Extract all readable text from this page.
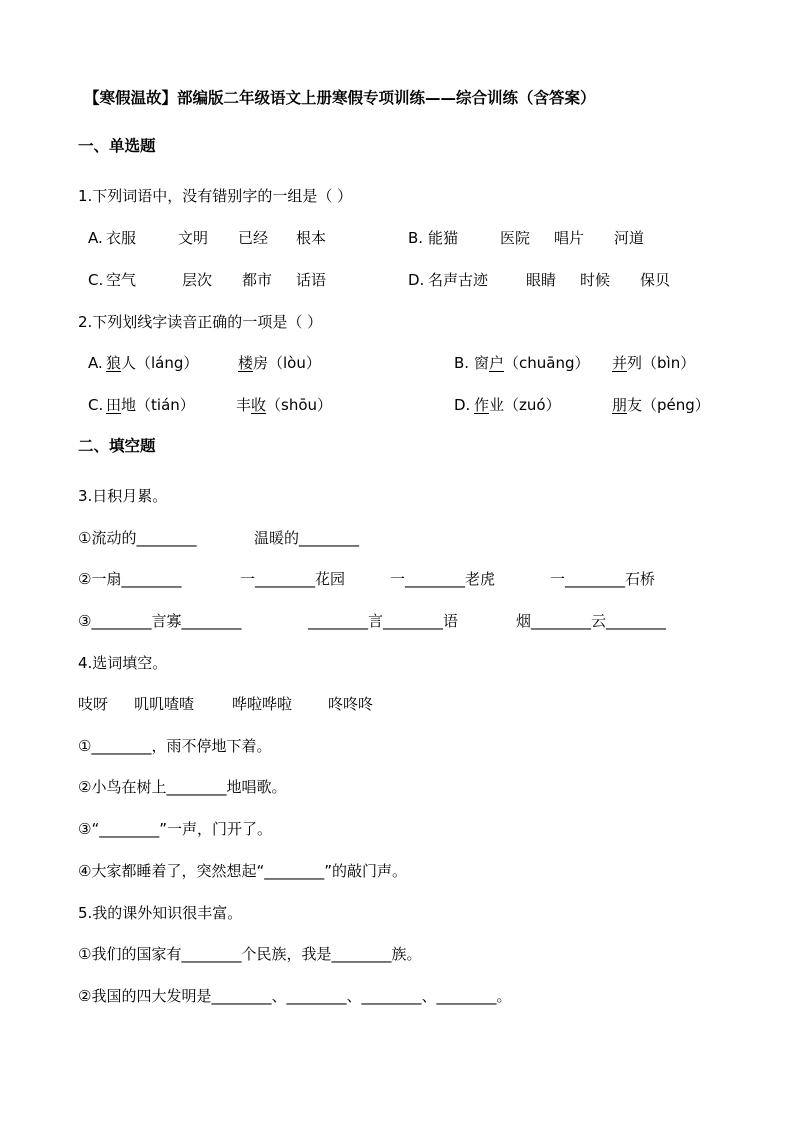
【寒假温故】部编版二年级语文上册寒假专项训练——综合训练（含答案）
一、单选题
1.下列词语中，没有错别字的一组是（ ）
A. 衣服	文明 已经 根本	B. 能猫	医院 唱片 河道
C. 空气	层次 都市 话语	D. 名声古迹	眼睛 时候 保贝
2.下列划线字读音正确的一项是（ ）
A. 狼人（láng）	楼房（lòu）	B. 窗户（chuāng） 并列（bìn）
C. 田地（tián）	丰收（shōu）	D. 作业（zuó）	朋友（péng）
二、填空题
3.日积月累。
①流动的________	温暖的________
②一扇________	一________花园	一________老虎	一________石桥
③________言寡________	________言________语	烟________云________
4.选词填空。
吱呀 叽叽喳喳	哗啦哗啦 咚咚咚
①________，雨不停地下着。
②小鸟在树上________地唱歌。
③“________”一声，门开了。
④大家都睡着了，突然想起“________”的敲门声。
5.我的课外知识很丰富。
①我们的国家有________个民族，我是________族。
②我国的四大发明是________、________、________、________。
